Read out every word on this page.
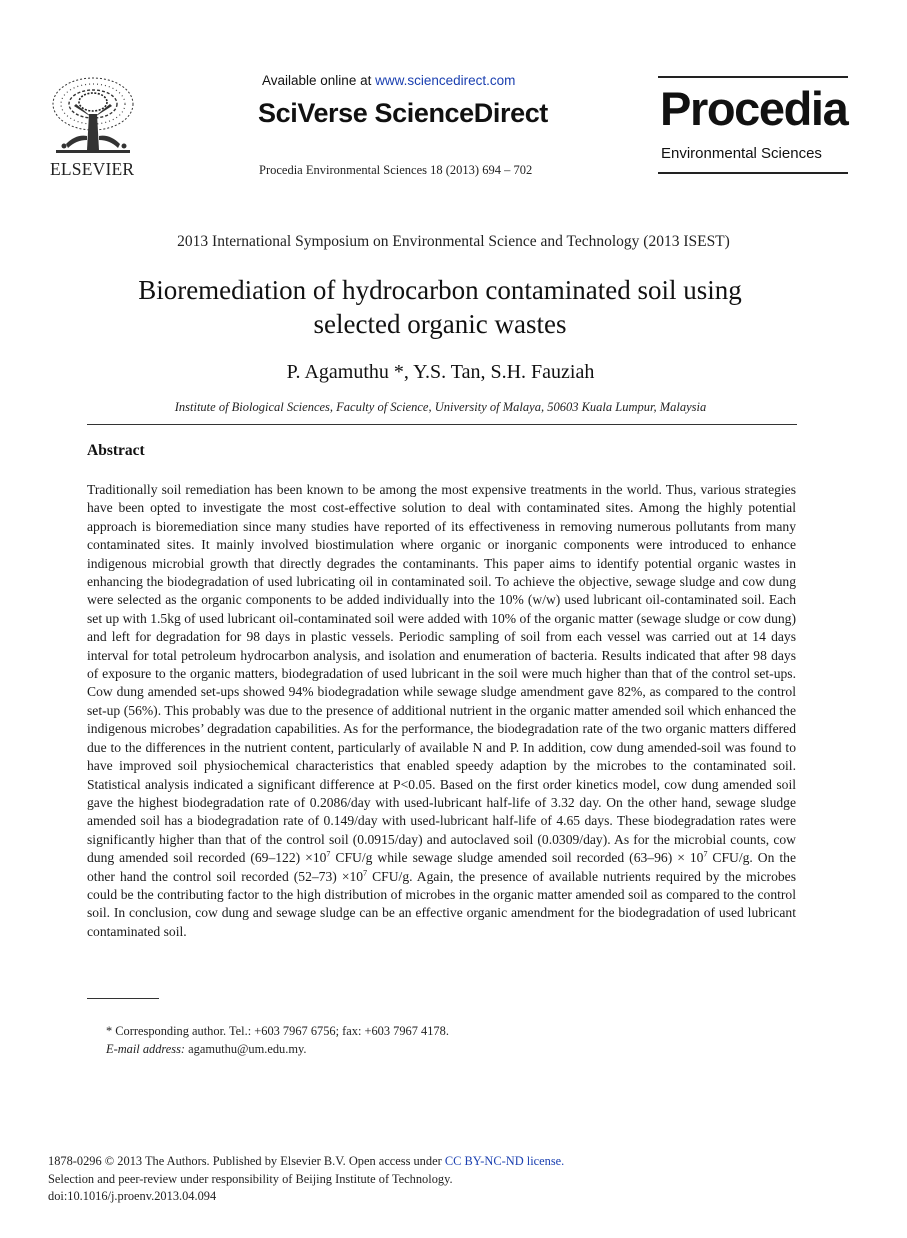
ELSEVIER
Available online at www.sciencedirect.com
SciVerse ScienceDirect
Procedia Environmental Sciences 18 (2013) 694 – 702
Procedia
Environmental Sciences
2013 International Symposium on Environmental Science and Technology (2013 ISEST)
Bioremediation of hydrocarbon contaminated soil using
selected organic wastes
P. Agamuthu *, Y.S. Tan, S.H. Fauziah
Institute of Biological Sciences, Faculty of Science, University of Malaya, 50603 Kuala Lumpur, Malaysia
Abstract
Traditionally soil remediation has been known to be among the most expensive treatments in the world. Thus, various strategies have been opted to investigate the most cost-effective solution to deal with contaminated sites. Among the highly potential approach is bioremediation since many studies have reported of its effectiveness in removing numerous pollutants from many contaminated sites. It mainly involved biostimulation where organic or inorganic components were introduced to enhance indigenous microbial growth that directly degrades the contaminants. This paper aims to identify potential organic wastes in enhancing the biodegradation of used lubricating oil in contaminated soil. To achieve the objective, sewage sludge and cow dung were selected as the organic components to be added individually into the 10% (w/w) used lubricant oil-contaminated soil. Each set up with 1.5kg of used lubricant oil-contaminated soil were added with 10% of the organic matter (sewage sludge or cow dung) and left for degradation for 98 days in plastic vessels. Periodic sampling of soil from each vessel was carried out at 14 days interval for total petroleum hydrocarbon analysis, and isolation and enumeration of bacteria. Results indicated that after 98 days of exposure to the organic matters, biodegradation of used lubricant in the soil were much higher than that of the control set-ups. Cow dung amended set-ups showed 94% biodegradation while sewage sludge amendment gave 82%, as compared to the control set-up (56%). This probably was due to the presence of additional nutrient in the organic matter amended soil which enhanced the indigenous microbes’ degradation capabilities. As for the performance, the biodegradation rate of the two organic matters differed due to the differences in the nutrient content, particularly of available N and P. In addition, cow dung amended-soil was found to have improved soil physiochemical characteristics that enabled speedy adaption by the microbes to the contaminated soil. Statistical analysis indicated a significant difference at P<0.05. Based on the first order kinetics model, cow dung amended soil gave the highest biodegradation rate of 0.2086/day with used-lubricant half-life of 3.32 day. On the other hand, sewage sludge amended soil has a biodegradation rate of 0.149/day with used-lubricant half-life of 4.65 days. These biodegradation rates were significantly higher than that of the control soil (0.0915/day) and autoclaved soil (0.0309/day). As for the microbial counts, cow dung amended soil recorded $(69-122) \times 10^7$ CFU/g while sewage sludge amended soil recorded $(63-96) \times 10^7$ CFU/g. On the other hand the control soil recorded $(52-73) \times 10^7$ CFU/g. Again, the presence of available nutrients required by the microbes could be the contributing factor to the high distribution of microbes in the organic matter amended soil as compared to the control soil. In conclusion, cow dung and sewage sludge can be an effective organic amendment for the biodegradation of used lubricant contaminated soil.
* Corresponding author. Tel.: +603 7967 6756; fax: +603 7967 4178.
E-mail address: agamuthu@um.edu.my.
1878-0296 © 2013 The Authors. Published by Elsevier B.V. Open access under CC BY-NC-ND license.
Selection and peer-review under responsibility of Beijing Institute of Technology.
doi:10.1016/j.proenv.2013.04.094
